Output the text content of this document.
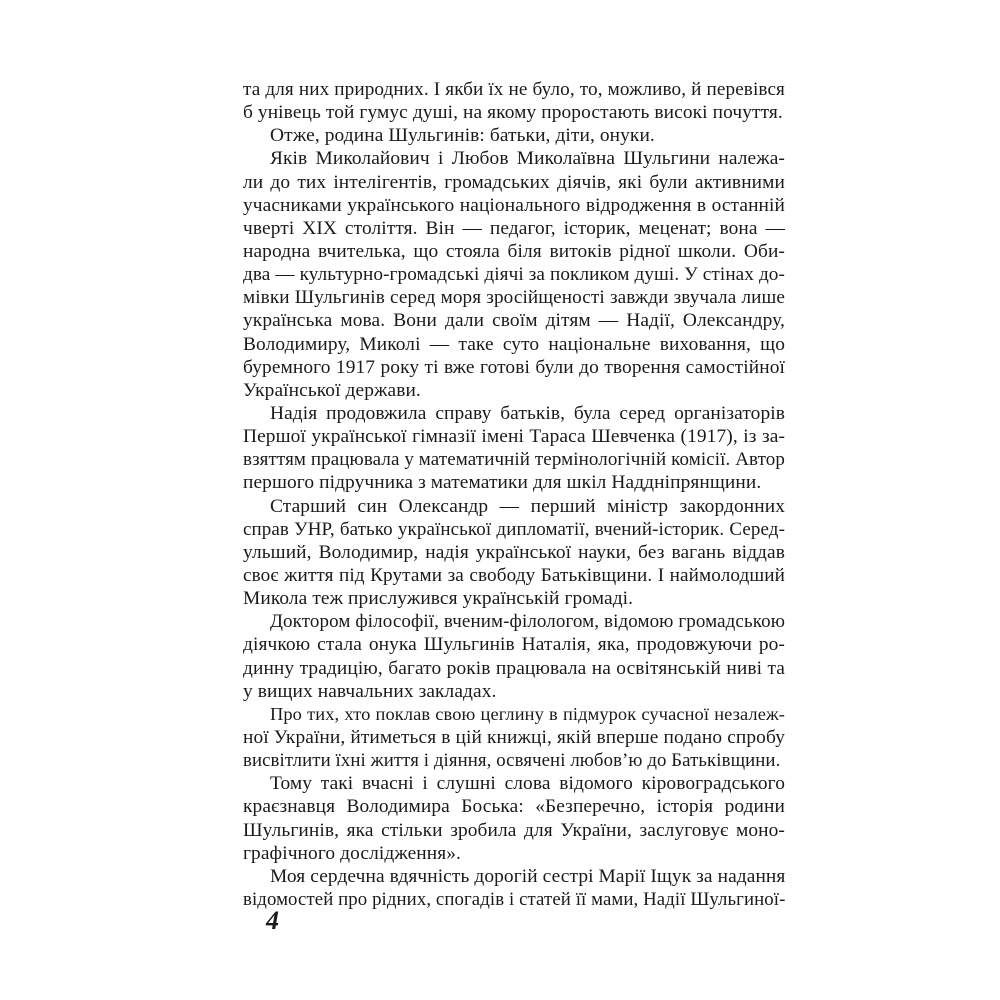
та для них природних. І якби їх не було, то, можливо, й перевівся
б унівець той гумус душі, на якому проростають високі почуття.
Отже, родина Шульгинів: батьки, діти, онуки.
Яків Миколайович і Любов Миколаївна Шульгини належа-
ли до тих інтелігентів, громадських діячів, які були активними
учасниками українського національного відродження в останній
чверті XIX століття. Він — педагог, історик, меценат; вона —
народна вчителька, що стояла біля витоків рідної школи. Оби-
два — культурно-громадські діячі за покликом душі. У стінах до-
мівки Шульгинів серед моря зросійщеності завжди звучала лише
українська мова. Вони дали своїм дітям — Надії, Олександру,
Володимиру, Миколі — таке суто національне виховання, що
буремного 1917 року ті вже готові були до творення самостійної
Української держави.
Надія продовжила справу батьків, була серед організаторів
Першої української гімназії імені Тараса Шевченка (1917), із за-
взяттям працювала у математичній термінологічній комісії. Автор
першого підручника з математики для шкіл Наддніпрянщини.
Старший син Олександр — перший міністр закордонних
справ УНР, батько української дипломатії, вчений-історик. Серед-
ульший, Володимир, надія української науки, без вагань віддав
своє життя під Крутами за свободу Батьківщини. І наймолодший
Микола теж прислужився українській громаді.
Доктором філософії, вченим-філологом, відомою громадською
діячкою стала онука Шульгинів Наталія, яка, продовжуючи ро-
динну традицію, багато років працювала на освітянській ниві та
у вищих навчальних закладах.
Про тих, хто поклав свою цеглину в підмурок сучасної незалеж-
ної України, йтиметься в цій книжці, якій вперше подано спробу
висвітлити їхні життя і діяння, освячені любов’ю до Батьківщини.
Тому такі вчасні і слушні слова відомого кіровоградського
краєзнавця Володимира Боська: «Безперечно, історія родини
Шульгинів, яка стільки зробила для України, заслуговує моно-
графічного дослідження».
Моя сердечна вдячність дорогій сестрі Марії Іщук за надання
відомостей про рідних, спогадів і статей її мами, Надії Шульгиної-
4
